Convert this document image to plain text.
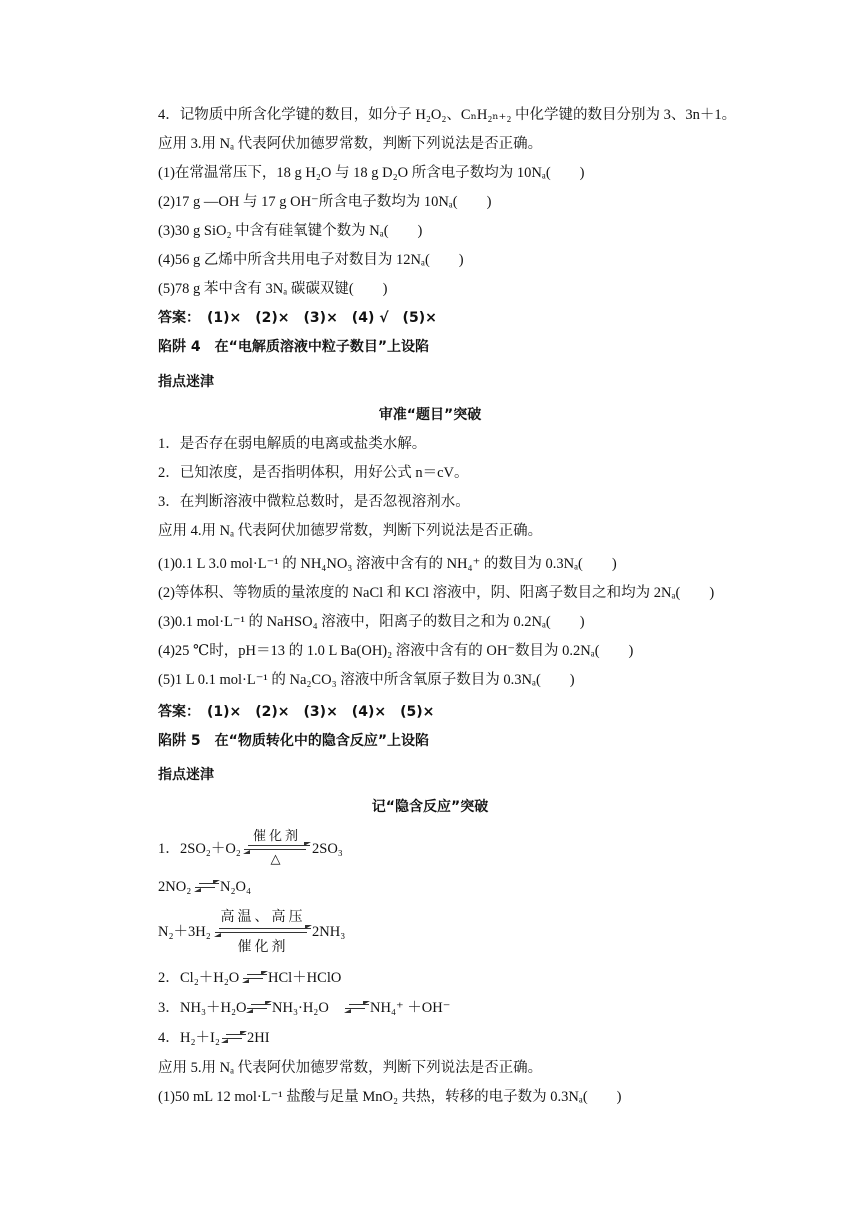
4．记物质中所含化学键的数目，如分子 H₂O₂、CₙH₂ₙ₊₂ 中化学键的数目分别为 3、3n＋1。
应用 3.用 Nₐ 代表阿伏加德罗常数，判断下列说法是否正确。
(1)在常温常压下，18 g H₂O 与 18 g D₂O 所含电子数均为 10Nₐ(　　)
(2)17 g —OH 与 17 g OH⁻所含电子数均为 10Nₐ(　　)
(3)30 g SiO₂ 中含有硅氧键个数为 Nₐ(　　)
(4)56 g 乙烯中所含共用电子对数目为 12Nₐ(　　)
(5)78 g 苯中含有 3Nₐ 碳碳双键(　　)
答案：　(1)×　(2)×　(3)×　(4) √　(5)×
陷阱 4　在“电解质溶液中粒子数目”上设陷
指点迷津
审准“题目”突破
1．是否存在弱电解质的电离或盐类水解。
2．已知浓度，是否指明体积，用好公式 n＝cV。
3．在判断溶液中微粒总数时，是否忽视溶剂水。
应用 4.用 Nₐ 代表阿伏加德罗常数，判断下列说法是否正确。
(1)0.1 L 3.0 mol·L⁻¹ 的 NH₄NO₃ 溶液中含有的 NH₄⁺ 的数目为 0.3Nₐ(　　)
(2)等体积、等物质的量浓度的 NaCl 和 KCl 溶液中，阴、阳离子数目之和均为 2Nₐ(　　)
(3)0.1 mol·L⁻¹ 的 NaHSO₄ 溶液中，阳离子的数目之和为 0.2Nₐ(　　)
(4)25 ℃时，pH＝13 的 1.0 L Ba(OH)₂ 溶液中含有的 OH⁻数目为 0.2Nₐ(　　)
(5)1 L 0.1 mol·L⁻¹ 的 Na₂CO₃ 溶液中所含氧原子数目为 0.3Nₐ(　　)
答案：　(1)×　(2)×　(3)×　(4)×　(5)×
陷阱 5　在“物质转化中的隐含反应”上设陷
指点迷津
记“隐含反应”突破
1． 2SO₂＋O₂
催化剂
△
2SO₃
2NO₂ N₂O₄
N₂＋3H₂
高温、高压
催化剂
2NH₃
2． Cl₂＋H₂O HCl＋HClO
3． NH₃＋H₂O NH₃·H₂O	NH₄⁺ ＋OH⁻
4． H₂＋I₂ 2HI
应用 5.用 Nₐ 代表阿伏加德罗常数，判断下列说法是否正确。
(1)50 mL 12 mol·L⁻¹ 盐酸与足量 MnO₂ 共热，转移的电子数为 0.3Nₐ(　　)
